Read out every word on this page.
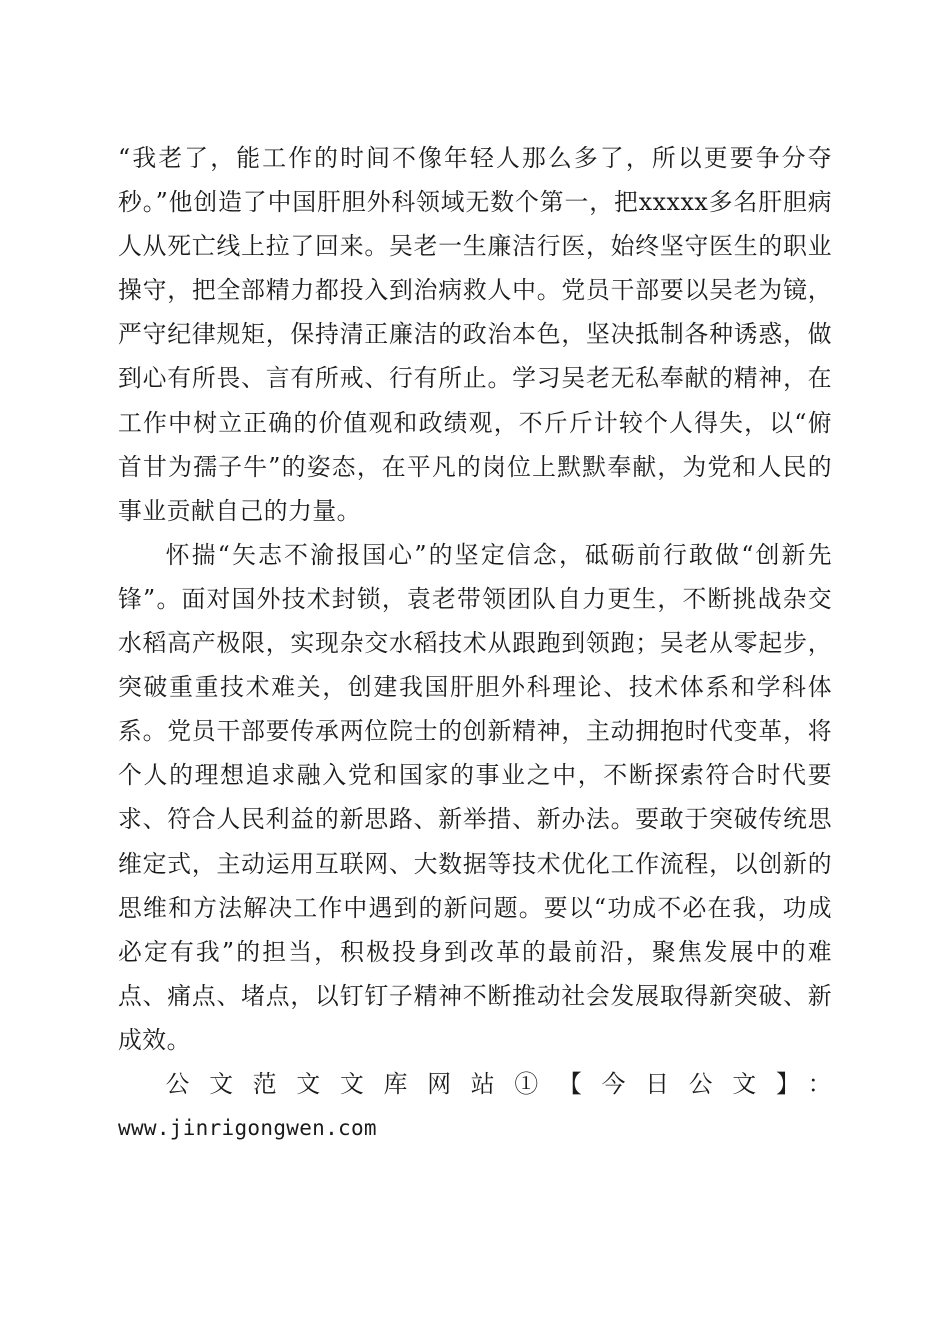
“我老了，能工作的时间不像年轻人那么多了，所以更要争分夺秒。”他创造了中国肝胆外科领域无数个第一，把xxxxx多名肝胆病人从死亡线上拉了回来。吴老一生廉洁行医，始终坚守医生的职业操守，把全部精力都投入到治病救人中。党员干部要以吴老为镜，严守纪律规矩，保持清正廉洁的政治本色，坚决抵制各种诱惑，做到心有所畏、言有所戒、行有所止。学习吴老无私奉献的精神，在工作中树立正确的价值观和政绩观，不斤斤计较个人得失，以“俯首甘为孺子牛”的姿态，在平凡的岗位上默默奉献，为党和人民的事业贡献自己的力量。

怀揣“矢志不渝报国心”的坚定信念，砥砺前行敢做“创新先锋”。面对国外技术封锁，袁老带领团队自力更生，不断挑战杂交水稻高产极限，实现杂交水稻技术从跟跑到领跑；吴老从零起步，突破重重技术难关，创建我国肝胆外科理论、技术体系和学科体系。党员干部要传承两位院士的创新精神，主动拥抱时代变革，将个人的理想追求融入党和国家的事业之中，不断探索符合时代要求、符合人民利益的新思路、新举措、新办法。要敢于突破传统思维定式，主动运用互联网、大数据等技术优化工作流程，以创新的思维和方法解决工作中遇到的新问题。要以“功成不必在我，功成必定有我”的担当，积极投身到改革的最前沿，聚焦发展中的难点、痛点、堵点，以钉钉子精神不断推动社会发展取得新突破、新成效。

公文范文文库网站①【今日公文】：

www.jinrigongwen.com
